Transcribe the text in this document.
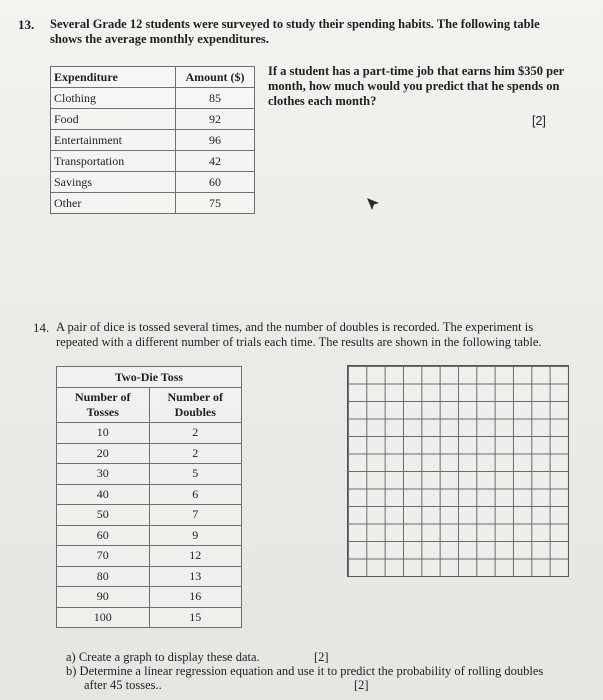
13. Several Grade 12 students were surveyed to study their spending habits. The following table
shows the average monthly expenditures.
Expenditure	Amount ($)
Clothing	85
Food	92
Entertainment	96
Transportation	42
Savings	60
Other	75
If a student has a part-time job that earns him $350 per
month, how much would you predict that he spends on
clothes each month?
[2]
14. A pair of dice is tossed several times, and the number of doubles is recorded. The experiment is
repeated with a different number of trials each time. The results are shown in the following table.
Two-Die Toss	
Number of
Tosses	Number of
Doubles
10	2
20	2
30	5
40	6
50	7
60	9
70	12
80	13
90	16
100	15
a) Create a graph to display these data.	[2]
b) Determine a linear regression equation and use it to predict the probability of rolling doubles
after 45 tosses..	[2]
